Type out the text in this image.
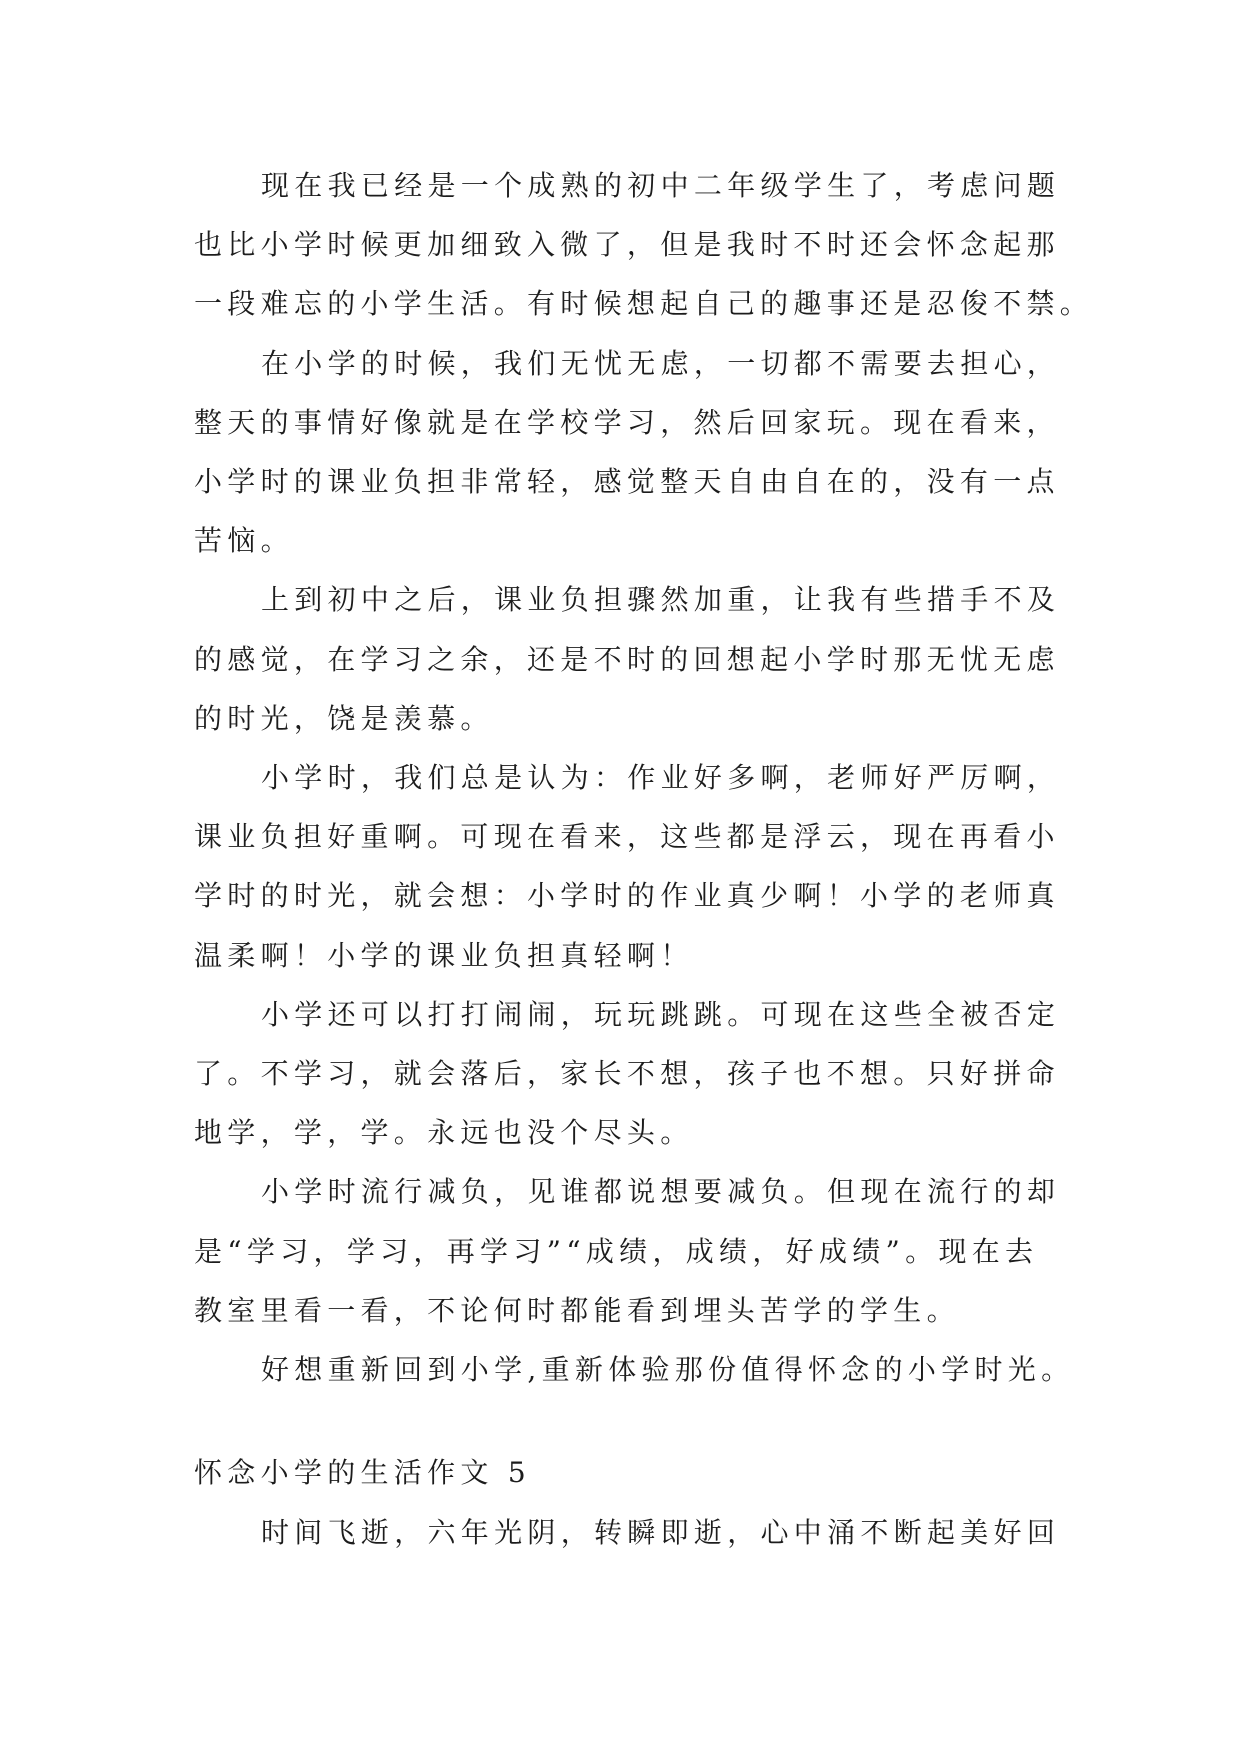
现在我已经是一个成熟的初中二年级学生了，考虑问题
也比小学时候更加细致入微了，但是我时不时还会怀念起那
一段难忘的小学生活。有时候想起自己的趣事还是忍俊不禁。
在小学的时候，我们无忧无虑，一切都不需要去担心，
整天的事情好像就是在学校学习，然后回家玩。现在看来，
小学时的课业负担非常轻，感觉整天自由自在的，没有一点
苦恼。
上到初中之后，课业负担骤然加重，让我有些措手不及
的感觉，在学习之余，还是不时的回想起小学时那无忧无虑
的时光，饶是羡慕。
小学时，我们总是认为：作业好多啊，老师好严厉啊，
课业负担好重啊。可现在看来，这些都是浮云，现在再看小
学时的时光，就会想：小学时的作业真少啊！小学的老师真
温柔啊！小学的课业负担真轻啊！
小学还可以打打闹闹，玩玩跳跳。可现在这些全被否定
了。不学习，就会落后，家长不想，孩子也不想。只好拼命
地学，学，学。永远也没个尽头。
小学时流行减负，见谁都说想要减负。但现在流行的却
是“学习，学习，再学习”“成绩，成绩，好成绩”。现在去
教室里看一看，不论何时都能看到埋头苦学的学生。
好想重新回到小学,重新体验那份值得怀念的小学时光。
怀念小学的生活作文 5
时间飞逝，六年光阴，转瞬即逝，心中涌不断起美好回
